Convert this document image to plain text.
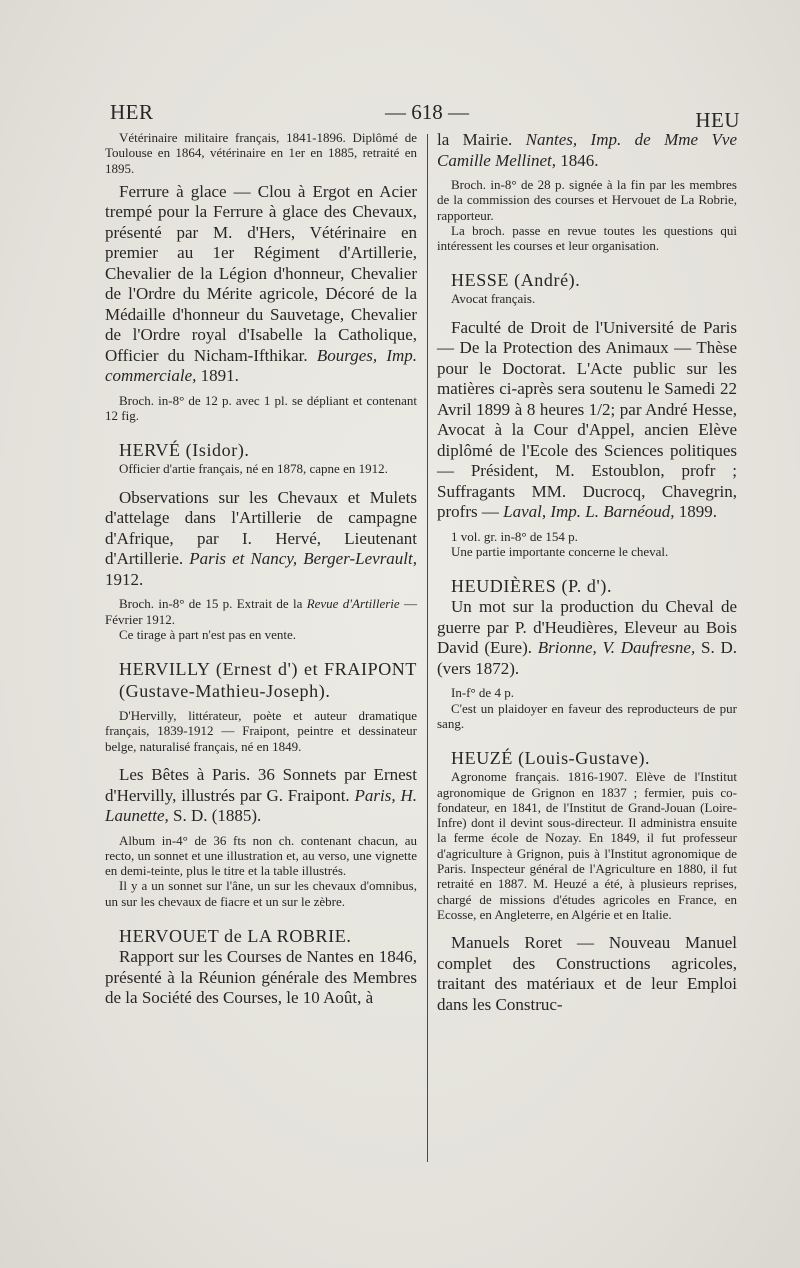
HER	— 618 —	HEU

Vétérinaire militaire français, 1841-1896. Diplômé de Toulouse en 1864, vétérinaire en 1er en 1885, retraité en 1895.

Ferrure à glace — Clou à Ergot en Acier trempé pour la Ferrure à glace des Chevaux, présenté par M. d'Hers, Vétérinaire en premier au 1er Régiment d'Artillerie, Chevalier de la Légion d'honneur, Chevalier de l'Ordre du Mérite agricole, Décoré de la Médaille d'honneur du Sauvetage, Chevalier de l'Ordre royal d'Isabelle la Catholique, Officier du Nicham-Ifthikar. Bourges, Imp. commerciale, 1891.

Broch. in-8° de 12 p. avec 1 pl. se dépliant et contenant 12 fig.

HERVÉ (Isidor).

Officier d'artie français, né en 1878, capne en 1912.

Observations sur les Chevaux et Mulets d'attelage dans l'Artillerie de campagne d'Afrique, par I. Hervé, Lieutenant d'Artillerie. Paris et Nancy, Berger-Levrault, 1912.

Broch. in-8° de 15 p. Extrait de la Revue d'Artillerie — Février 1912.

Ce tirage à part n'est pas en vente.

HERVILLY (Ernest d') et FRAIPONT (Gustave-Mathieu-Joseph).

D'Hervilly, littérateur, poète et auteur dramatique français, 1839-1912 — Fraipont, peintre et dessinateur belge, naturalisé français, né en 1849.

Les Bêtes à Paris. 36 Sonnets par Ernest d'Hervilly, illustrés par G. Fraipont. Paris, H. Launette, S. D. (1885).

Album in-4° de 36 fts non ch. contenant chacun, au recto, un sonnet et une illustration et, au verso, une vignette en demi-teinte, plus le titre et la table illustrés.

Il y a un sonnet sur l'âne, un sur les chevaux d'omnibus, un sur les chevaux de fiacre et un sur le zèbre.

HERVOUET de LA ROBRIE.

Rapport sur les Courses de Nantes en 1846, présenté à la Réunion générale des Membres de la Société des Courses, le 10 Août, à

la Mairie. Nantes, Imp. de Mme Vve Camille Mellinet, 1846.

Broch. in-8° de 28 p. signée à la fin par les membres de la commission des courses et Hervouet de La Robrie, rapporteur.

La broch. passe en revue toutes les questions qui intéressent les courses et leur organisation.

HESSE (André).

Avocat français.

Faculté de Droit de l'Université de Paris — De la Protection des Animaux — Thèse pour le Doctorat. L'Acte public sur les matières ci-après sera soutenu le Samedi 22 Avril 1899 à 8 heures 1/2; par André Hesse, Avocat à la Cour d'Appel, ancien Elève diplômé de l'Ecole des Sciences politiques — Président, M. Estoublon, profr ; Suffragants MM. Ducrocq, Chavegrin, profrs — Laval, Imp. L. Barnéoud, 1899.

1 vol. gr. in-8° de 154 p.

Une partie importante concerne le cheval.

HEUDIÈRES (P. d').

Un mot sur la production du Cheval de guerre par P. d'Heudières, Eleveur au Bois David (Eure). Brionne, V. Daufresne, S. D. (vers 1872).

In-f° de 4 p.

C'est un plaidoyer en faveur des reproducteurs de pur sang.

HEUZÉ (Louis-Gustave).

Agronome français. 1816-1907. Elève de l'Institut agronomique de Grignon en 1837 ; fermier, puis co-fondateur, en 1841, de l'Institut de Grand-Jouan (Loire-Infre) dont il devint sous-directeur. Il administra ensuite la ferme école de Nozay. En 1849, il fut professeur d'agriculture à Grignon, puis à l'Institut agronomique de Paris. Inspecteur général de l'Agriculture en 1880, il fut retraité en 1887. M. Heuzé a été, à plusieurs reprises, chargé de missions d'études agricoles en France, en Ecosse, en Angleterre, en Algérie et en Italie.

Manuels Roret — Nouveau Manuel complet des Constructions agricoles, traitant des matériaux et de leur Emploi dans les Construc-
